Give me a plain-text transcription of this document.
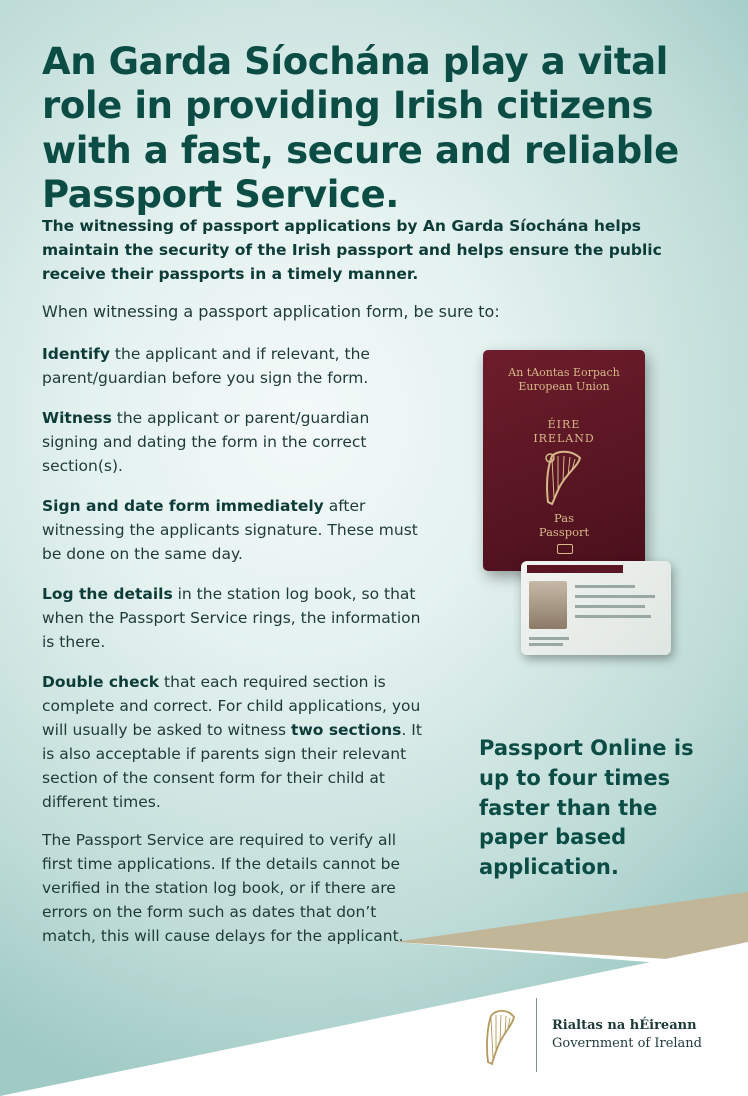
An Garda Síochána play a vital role in providing Irish citizens with a fast, secure and reliable Passport Service.

The witnessing of passport applications by An Garda Síochána helps maintain the security of the Irish passport and helps ensure the public receive their passports in a timely manner.

When witnessing a passport application form, be sure to:

Identify the applicant and if relevant, the parent/guardian before you sign the form.

Witness the applicant or parent/guardian signing and dating the form in the correct section(s).

Sign and date form immediately after witnessing the applicants signature. These must be done on the same day.

Log the details in the station log book, so that when the Passport Service rings, the information is there.

Double check that each required section is complete and correct. For child applications, you will usually be asked to witness two sections. It is also acceptable if parents sign their relevant section of the consent form for their child at different times.

The Passport Service are required to verify all first time applications. If the details cannot be verified in the station log book, or if there are errors on the form such as dates that don’t match, this will cause delays for the applicant.

An tAontas Eorpach
European Union
ÉIRE
IRELAND
Pas
Passport

Passport Online is up to four times faster than the paper based application.

Rialtas na hÉireann
Government of Ireland
